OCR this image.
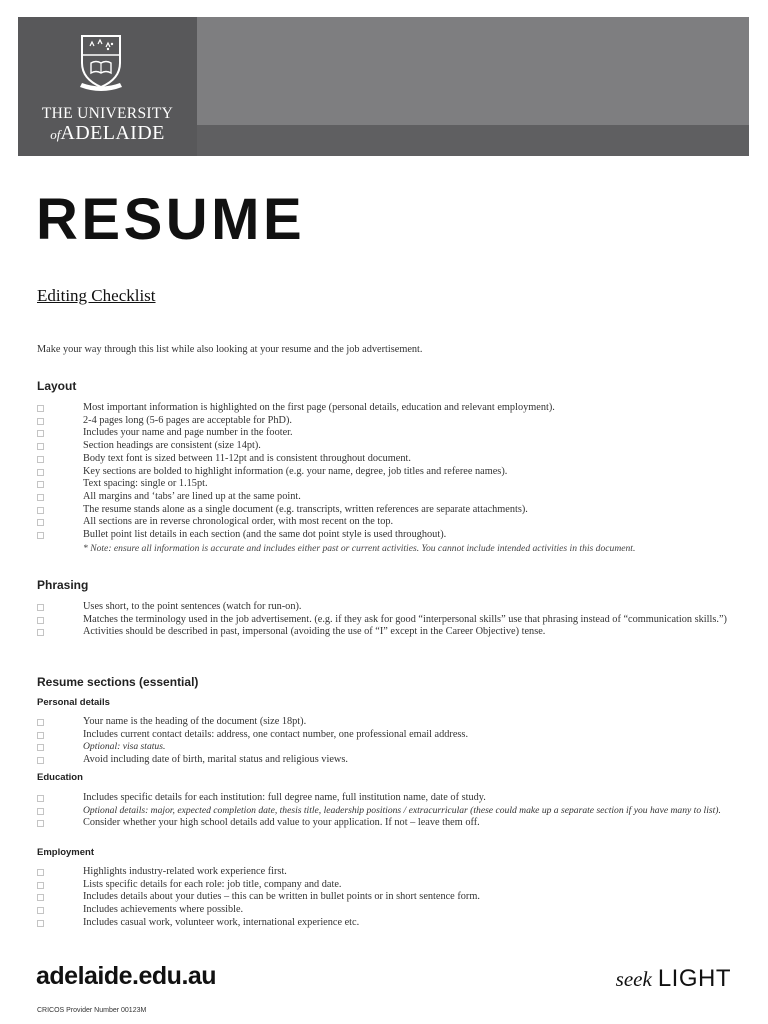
THE UNIVERSITY
ofADELAIDE
RESUME
Editing Checklist
Make your way through this list while also looking at your resume and the job advertisement.
Layout
Most important information is highlighted on the first page (personal details, education and relevant employment).
2-4 pages long (5-6 pages are acceptable for PhD).
Includes your name and page number in the footer.
Section headings are consistent (size 14pt).
Body text font is sized between 11-12pt and is consistent throughout document.
Key sections are bolded to highlight information (e.g. your name, degree, job titles and referee names).
Text spacing: single or 1.15pt.
All margins and ‘tabs’ are lined up at the same point.
The resume stands alone as a single document (e.g. transcripts, written references are separate attachments).
All sections are in reverse chronological order, with most recent on the top.
Bullet point list details in each section (and the same dot point style is used throughout).
* Note: ensure all information is accurate and includes either past or current activities. You cannot include intended activities in this document.
Phrasing
Uses short, to the point sentences (watch for run-on).
Matches the terminology used in the job advertisement. (e.g. if they ask for good “interpersonal skills” use that phrasing instead of “communication skills.”)
Activities should be described in past, impersonal (avoiding the use of “I” except in the Career Objective) tense.
Resume sections (essential)
Personal details
Your name is the heading of the document (size 18pt).
Includes current contact details: address, one contact number, one professional email address.
Optional: visa status.
Avoid including date of birth, marital status and religious views.
Education
Includes specific details for each institution: full degree name, full institution name, date of study.
Optional details: major, expected completion date, thesis title, leadership positions / extracurricular (these could make up a separate section if you have many to list).
Consider whether your high school details add value to your application. If not – leave them off.
Employment
Highlights industry-related work experience first.
Lists specific details for each role: job title, company and date.
Includes details about your duties – this can be written in bullet points or in short sentence form.
Includes achievements where possible.
Includes casual work, volunteer work, international experience etc.
adelaide.edu.au
CRICOS Provider Number 00123M
seek LIGHT
